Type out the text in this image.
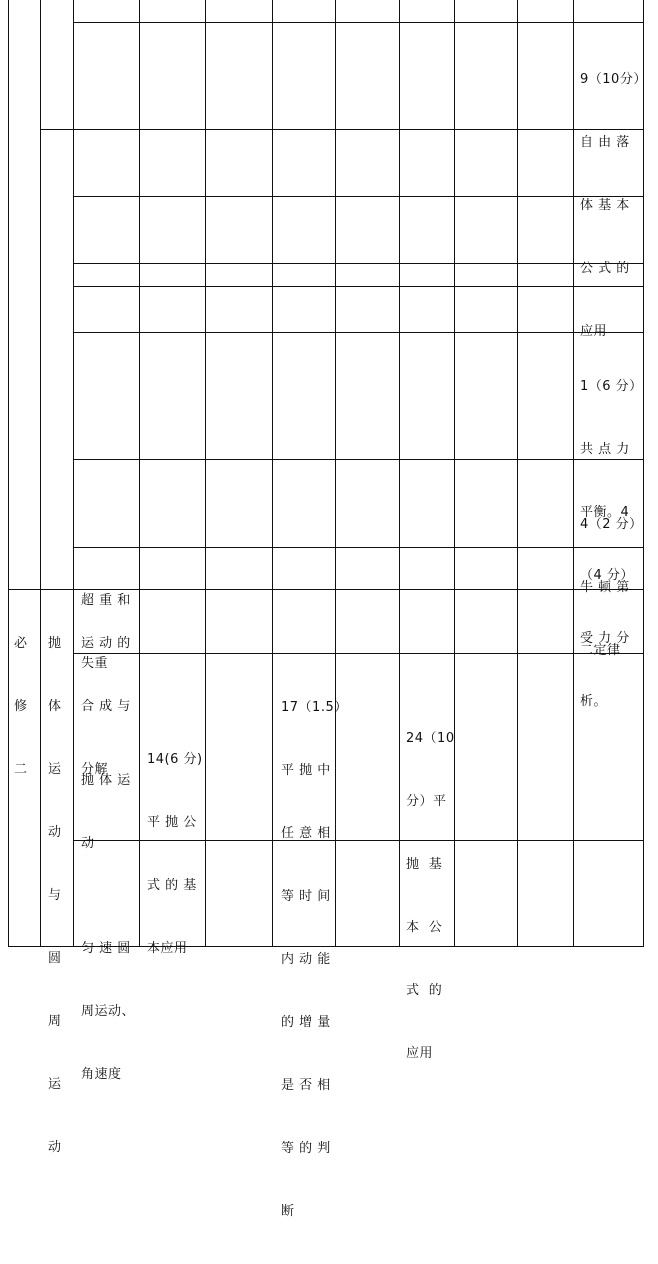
9（10分）

自 由 落

体 基 本

公 式 的

应用

1（6 分）

共 点 力

平衡。4

（4 分）

受 力 分

析。

4（2 分）

牛 顿 第

二定律

超 重 和

失重

必

修

二

抛

体

运

动

与

圆

周

运

动

运 动 的

合 成 与

分解

抛 体 运

动

14(6 分)

平 抛 公

式 的 基

本应用

17（1.5）

平 抛 中

任 意 相

等 时 间

内 动 能

的 增 量

是 否 相

等 的 判

断

24（10

分）平

抛  基

本  公

式  的

应用

匀 速 圆

周运动、

角速度
